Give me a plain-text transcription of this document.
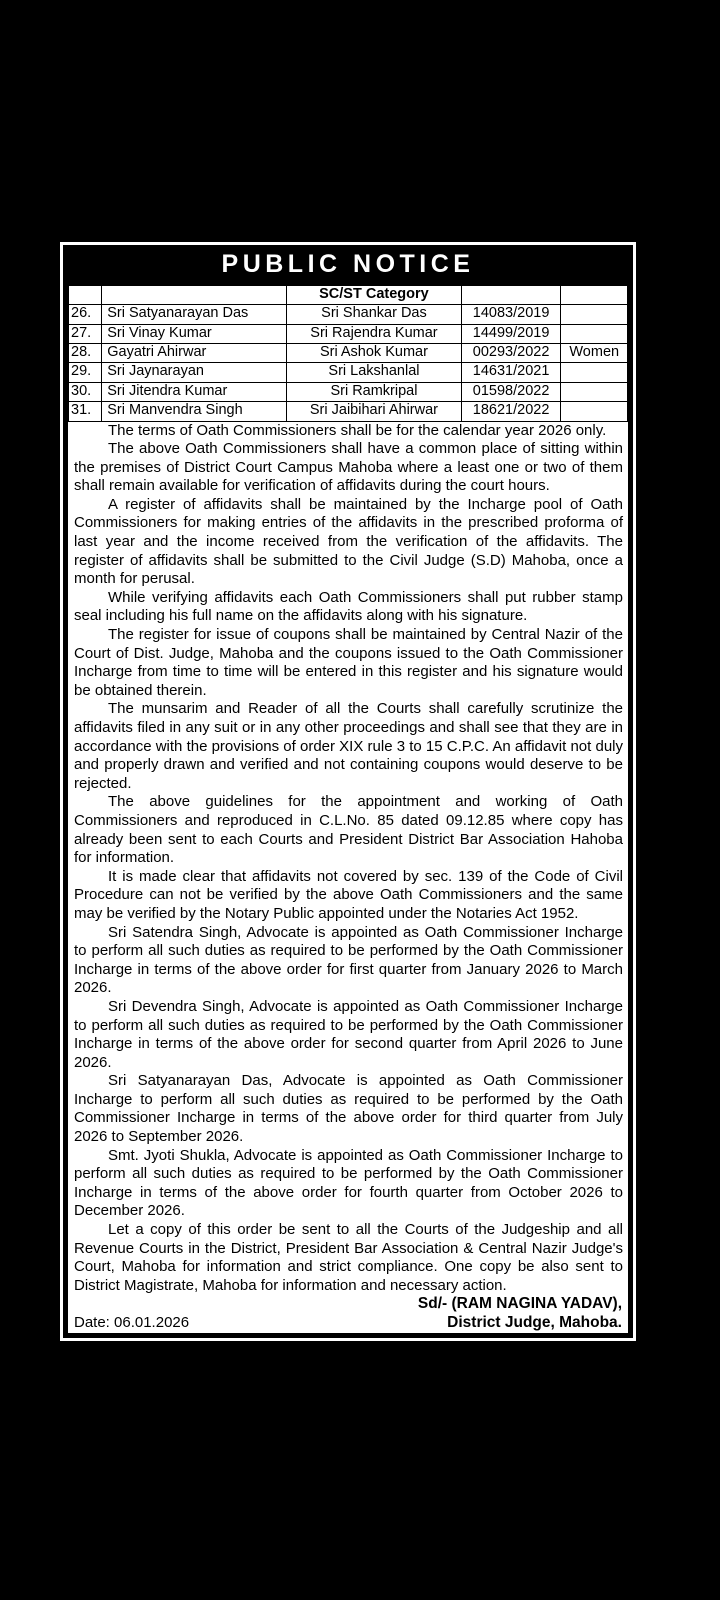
PUBLIC NOTICE
		SC/ST Category		
26.	Sri Satyanarayan Das	Sri Shankar Das	14083/2019	
27.	Sri Vinay Kumar	Sri Rajendra Kumar	14499/2019	
28.	Gayatri Ahirwar	Sri Ashok Kumar	00293/2022	Women
29.	Sri Jaynarayan	Sri Lakshanlal	14631/2021	
30.	Sri Jitendra Kumar	Sri Ramkripal	01598/2022	
31.	Sri Manvendra Singh	Sri Jaibihari Ahirwar	18621/2022	

The terms of Oath Commissioners shall be for the calendar year 2026 only.

The above Oath Commissioners shall have a common place of sitting within the premises of District Court Campus Mahoba where a least one or two of them shall remain available for verification of affidavits during the court hours.

A register of affidavits shall be maintained by the Incharge pool of Oath Commissioners for making entries of the affidavits in the prescribed proforma of last year and the income received from the verification of the affidavits. The register of affidavits shall be submitted to the Civil Judge (S.D) Mahoba, once a month for perusal.

While verifying affidavits each Oath Commissioners shall put rubber stamp seal including his full name on the affidavits along with his signature.

The register for issue of coupons shall be maintained by Central Nazir of the Court of Dist. Judge, Mahoba and the coupons issued to the Oath Commissioner Incharge from time to time will be entered in this register and his signature would be obtained therein.

The munsarim and Reader of all the Courts shall carefully scrutinize the affidavits filed in any suit or in any other proceedings and shall see that they are in accordance with the provisions of order XIX rule 3 to 15 C.P.C. An affidavit not duly and properly drawn and verified and not containing coupons would deserve to be rejected.

The above guidelines for the appointment and working of Oath Commissioners and reproduced in C.L.No. 85 dated 09.12.85 where copy has already been sent to each Courts and President District Bar Association Hahoba for information.

It is made clear that affidavits not covered by sec. 139 of the Code of Civil Procedure can not be verified by the above Oath Commissioners and the same may be verified by the Notary Public appointed under the Notaries Act 1952.

Sri Satendra Singh, Advocate is appointed as Oath Commissioner Incharge to perform all such duties as required to be performed by the Oath Commissioner Incharge in terms of the above order for first quarter from January 2026 to March 2026.

Sri Devendra Singh, Advocate is appointed as Oath Commissioner Incharge to perform all such duties as required to be performed by the Oath Commissioner Incharge in terms of the above order for second quarter from April 2026 to June 2026.

Sri Satyanarayan Das, Advocate is appointed as Oath Commissioner Incharge to perform all such duties as required to be performed by the Oath Commissioner Incharge in terms of the above order for third quarter from July 2026 to September 2026.

Smt. Jyoti Shukla, Advocate is appointed as Oath Commissioner Incharge to perform all such duties as required to be performed by the Oath Commissioner Incharge in terms of the above order for fourth quarter from October 2026 to December 2026.

Let a copy of this order be sent to all the Courts of the Judgeship and all Revenue Courts in the District, President Bar Association & Central Nazir Judge's Court, Mahoba for information and strict compliance. One copy be also sent to District Magistrate, Mahoba for information and necessary action.

Sd/- (RAM NAGINA YADAV),
Date: 06.01.2026	District Judge, Mahoba.
